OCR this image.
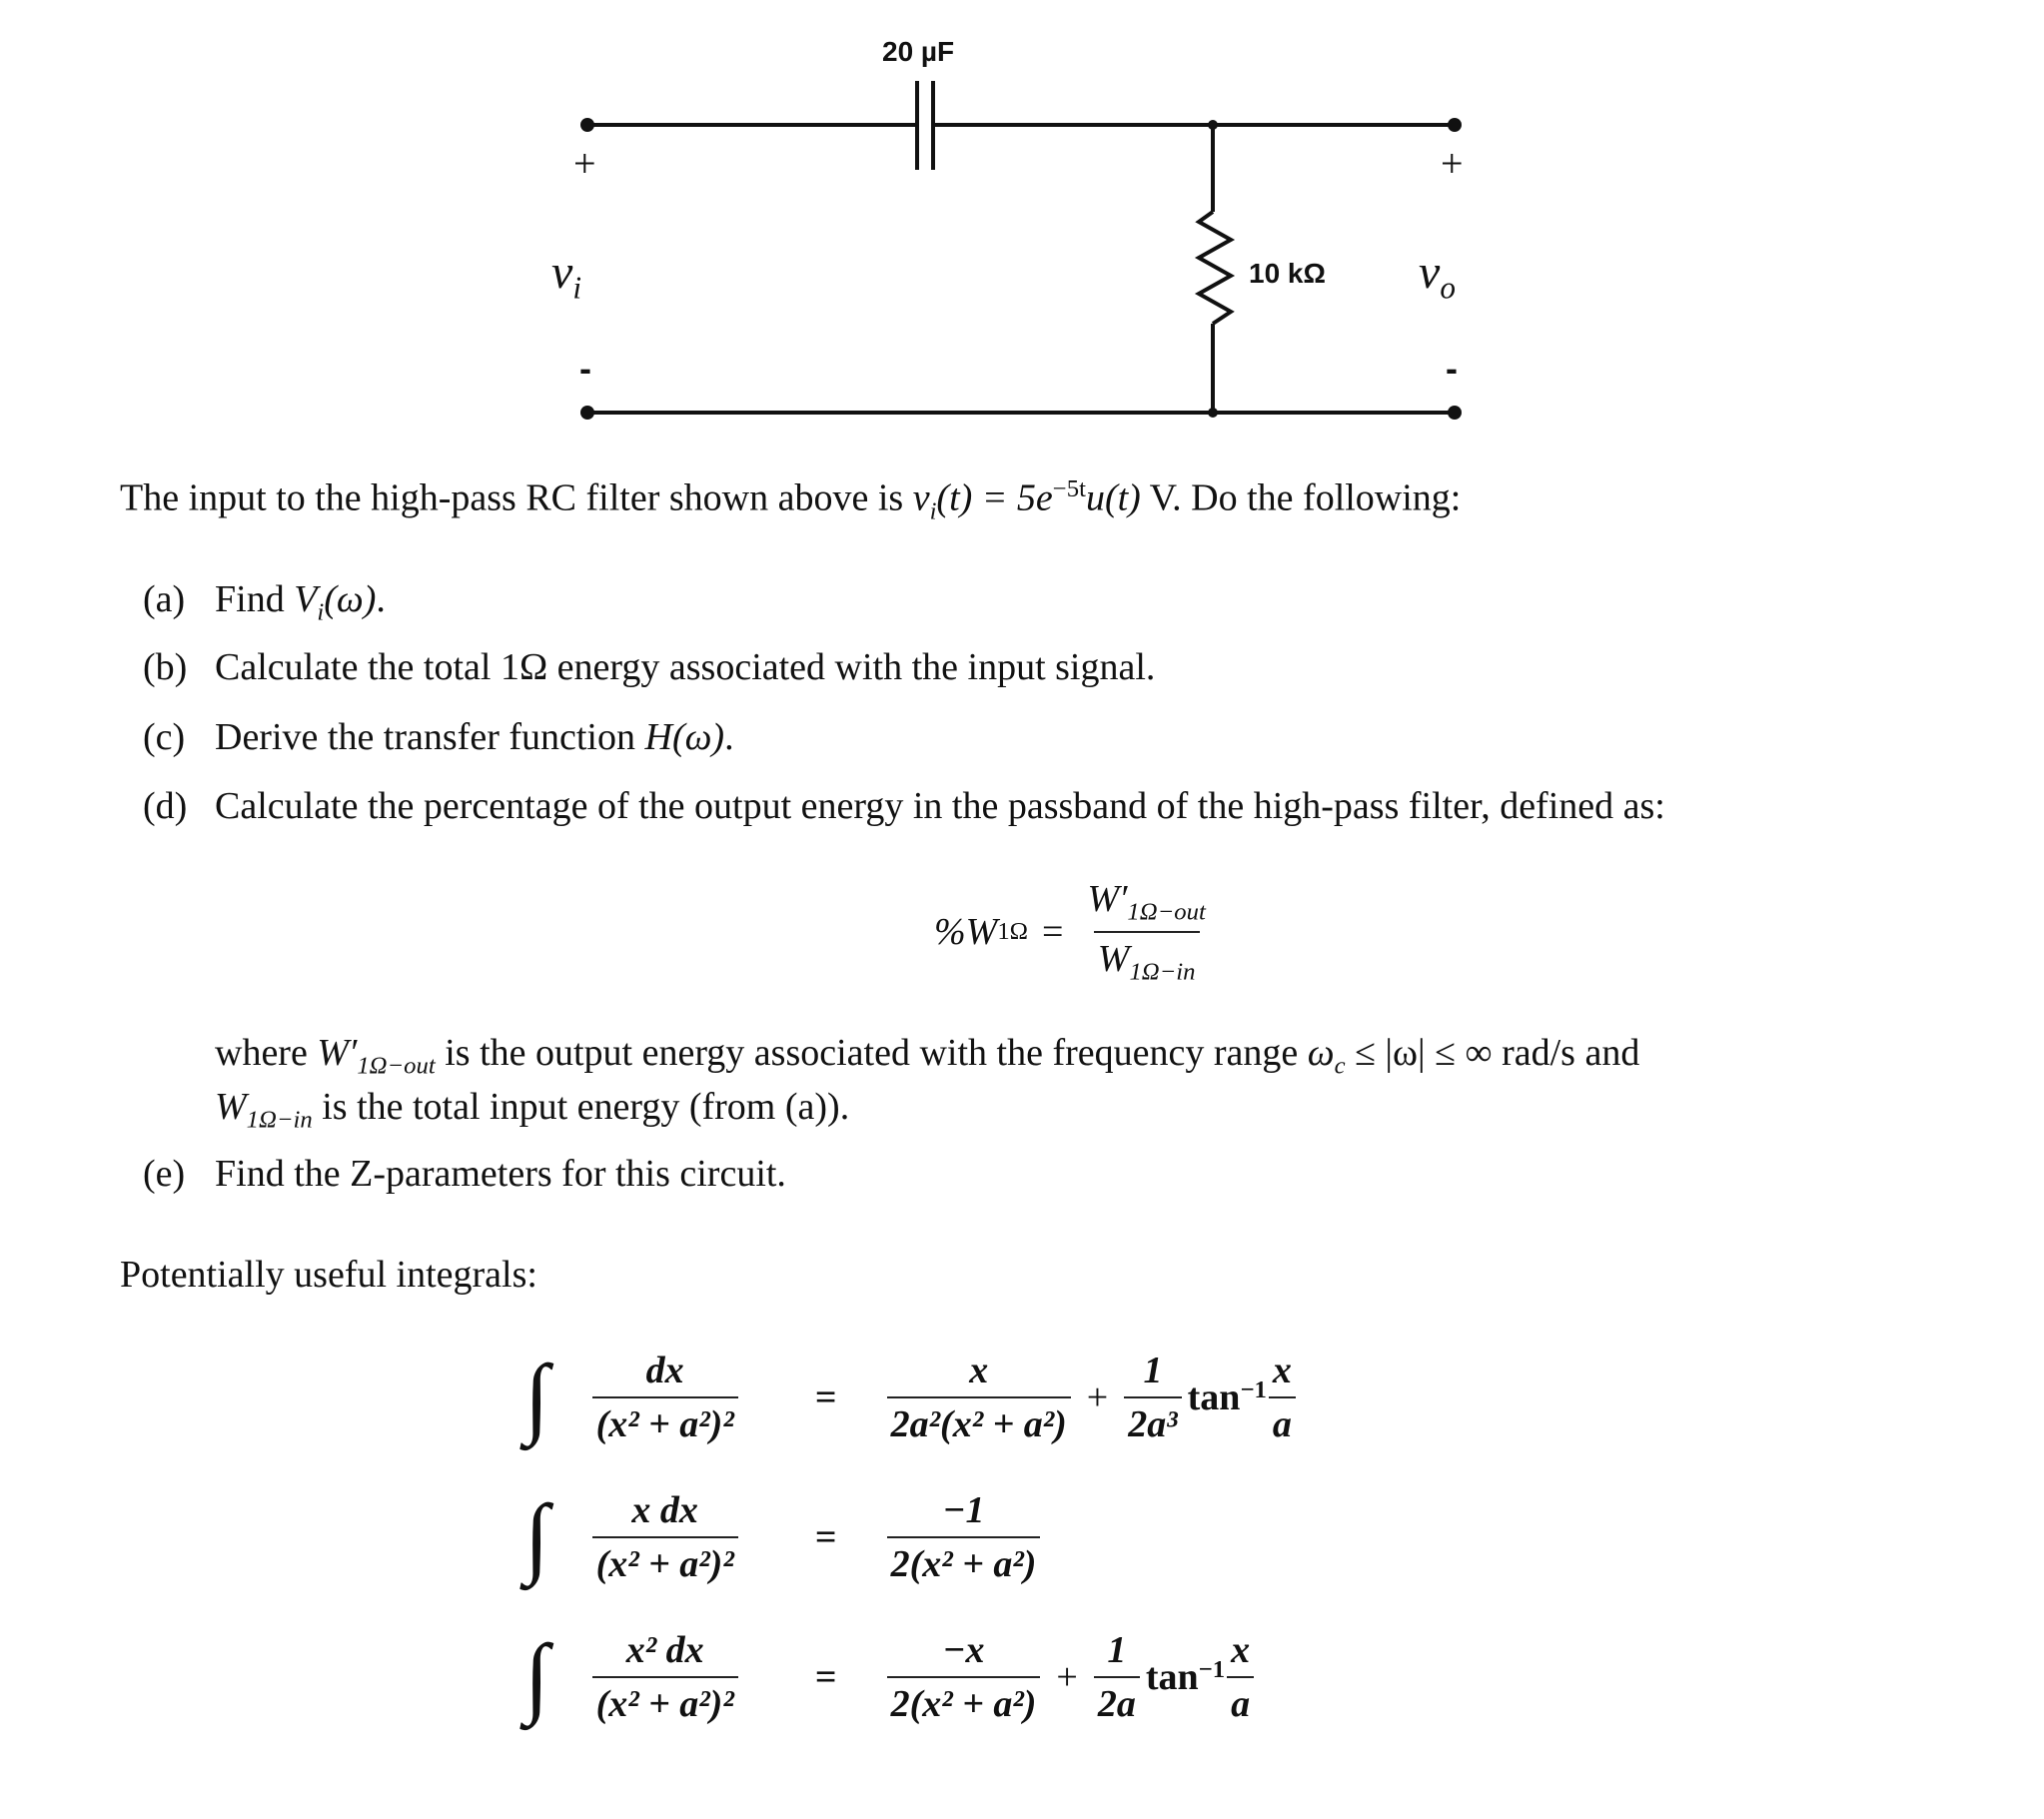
20 µF
10 kΩ
+	+
-	-
$v_i$	$v_o$
The input to the high-pass RC filter shown above is $v_i(t) = 5e^{-5t}u(t)$ V. Do the following:
(a) Find $V_i(\omega)$.
(b) Calculate the total 1Ω energy associated with the input signal.
(c) Derive the transfer function H(ω).
(d) Calculate the percentage of the output energy in the passband of the high-pass filter, defined as:
%W $1\Omega = \frac{W'_{1\Omega-out}}{W_{1\Omega-in}}$
where $W'_{1\Omega-out}$ is the output energy associated with the frequency range $\omega_c \le |\omega|$ ≤ ∞ rad/s and
$W_{1\Omega-in}$ is the total input energy (from (a)).
(e) Find the Z-parameters for this circuit.
Potentially useful integrals:
∫ $\frac{dx}{\text{(x² + a²)²}}$	=	$\frac{x}{\text{2a²(x² + a²)}} + \frac{1}{\text{2a³}}$ $\tan -1 \frac{x}{a}$
∫ $\frac{\text{x dx}}{\text{(x² + a²)²}}$	=	$\frac{-1}{\text{2(x² + a²)}}$
∫ $\frac{\text{x² dx}}{\text{(x² + a²)²}}$	=	$\frac{-x}{\text{2(x² + a²)}} + \frac{1}{2a}$ $\tan -1 \frac{x}{a}$
